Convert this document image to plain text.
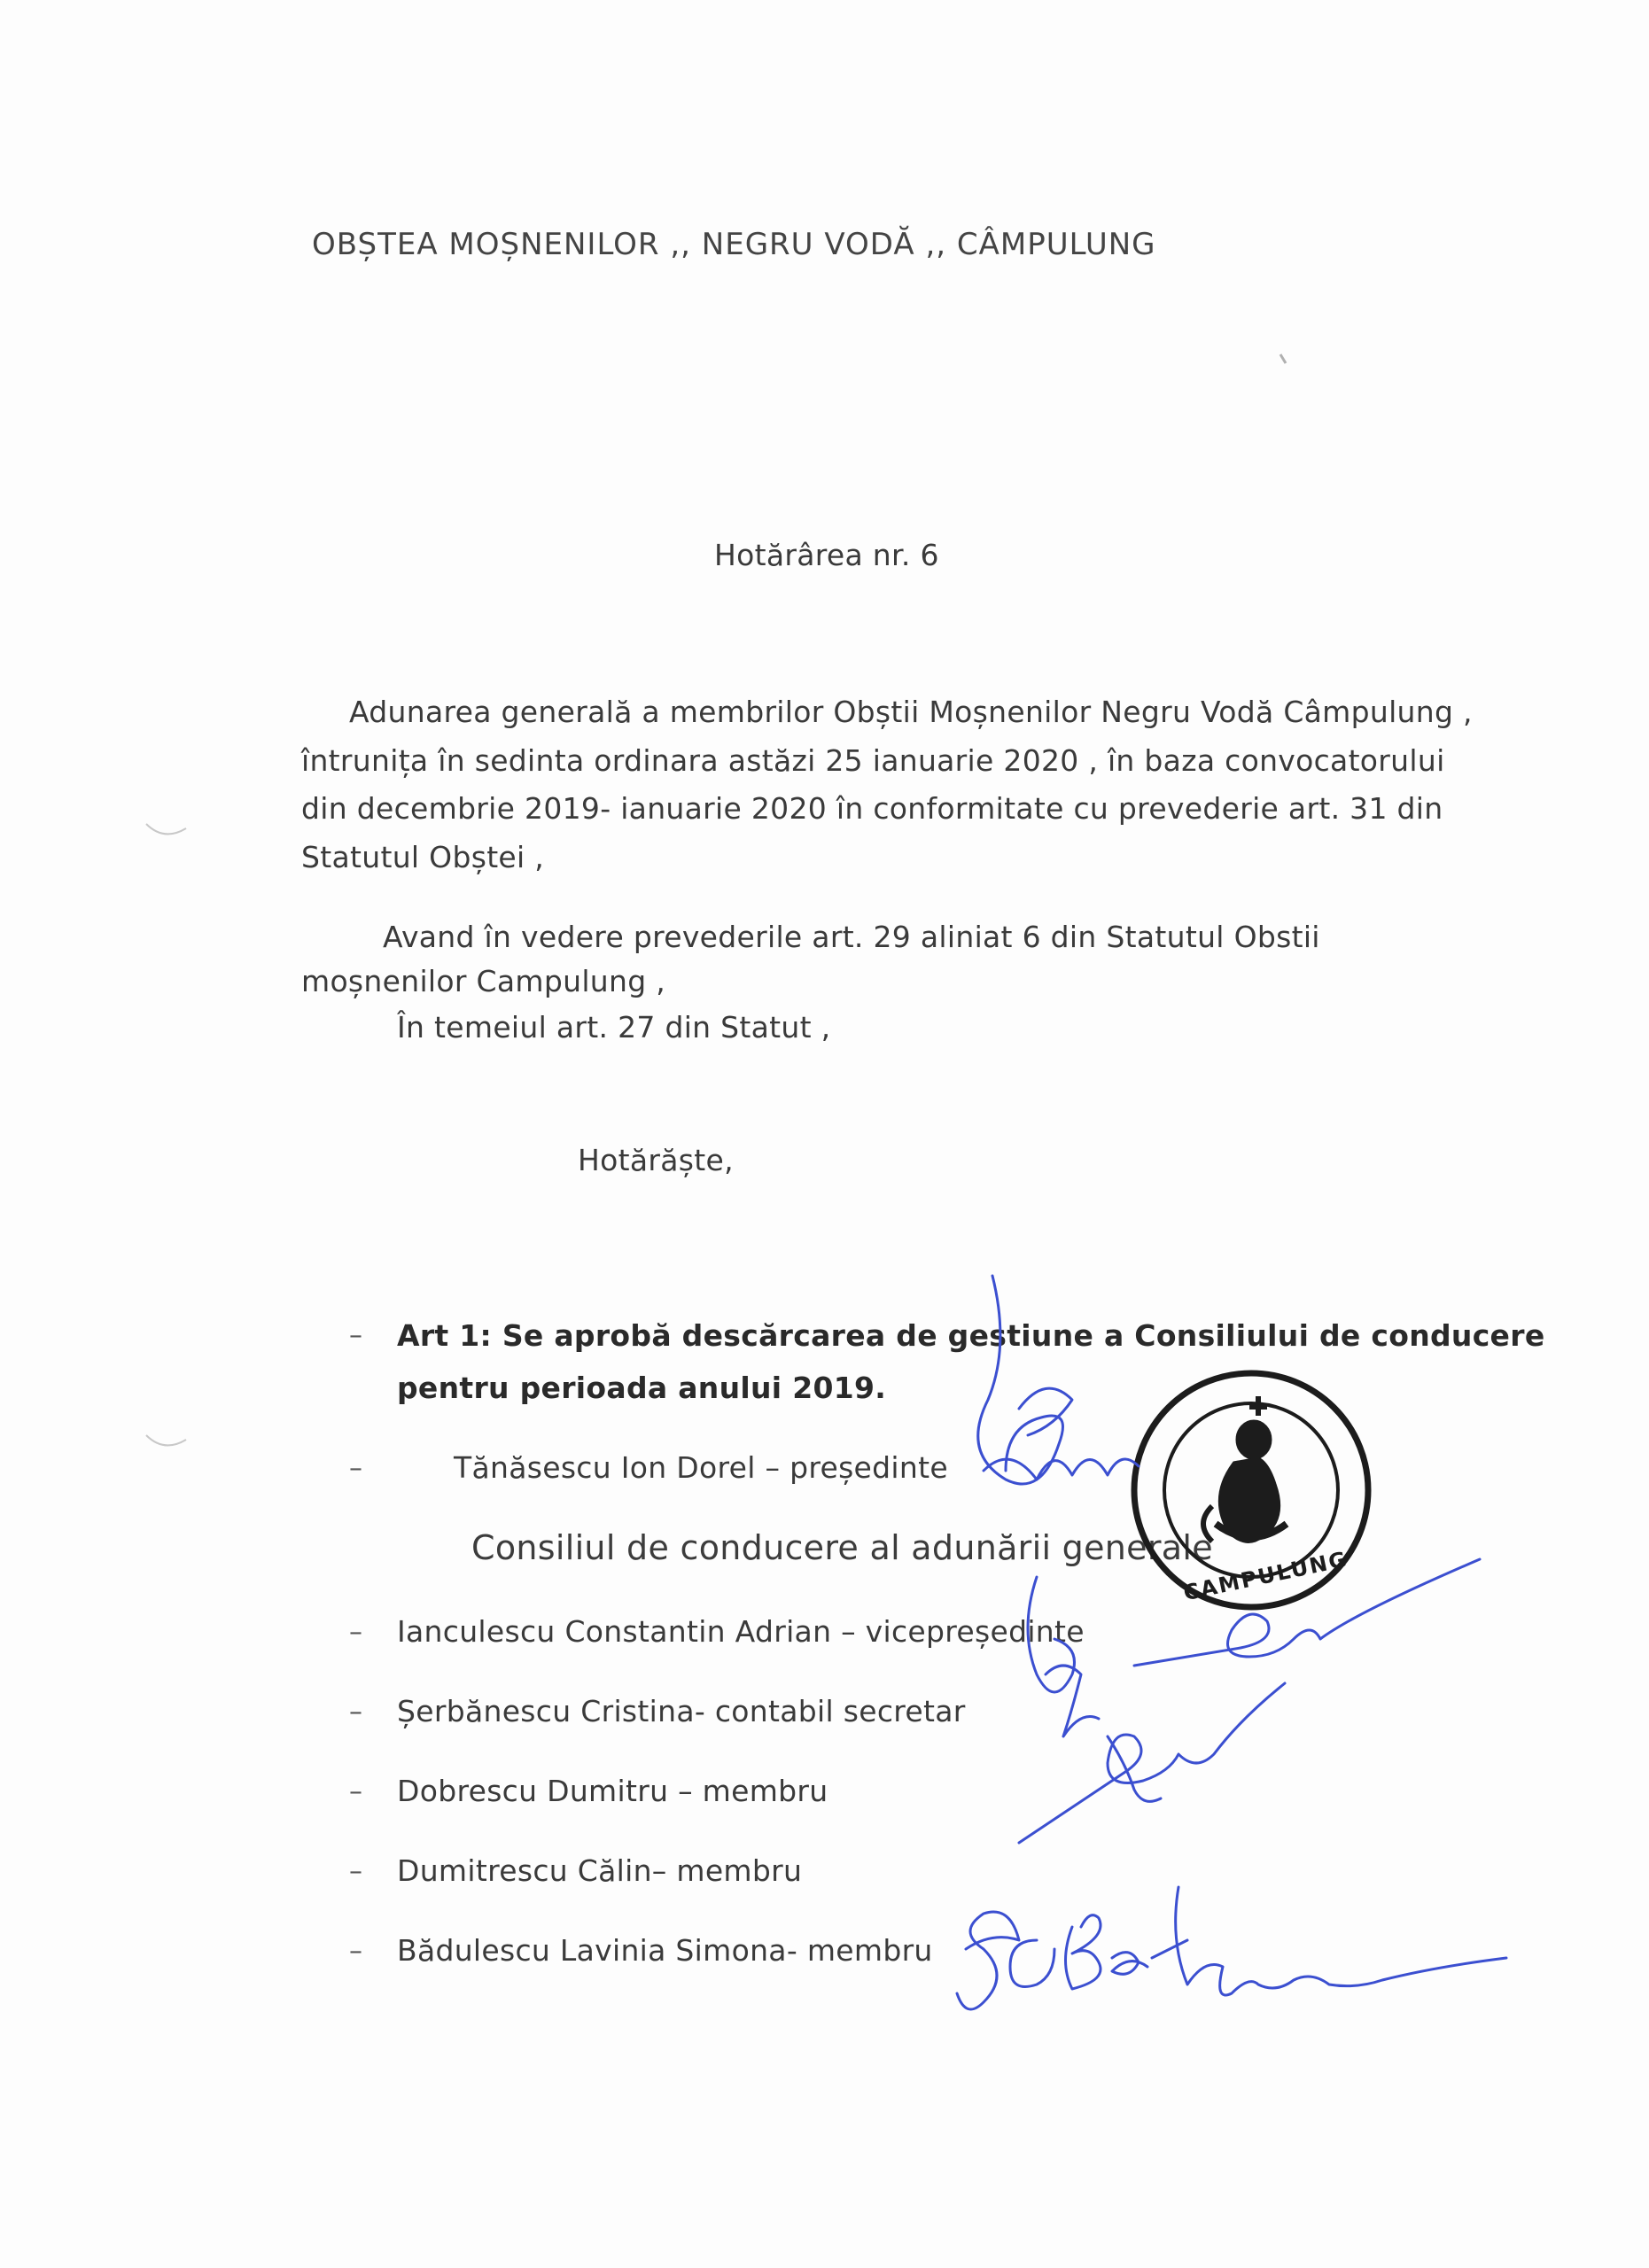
OBȘTEA MOȘNENILOR ,, NEGRU VODĂ ,, CÂMPULUNG
Hotărârea nr. 6
Adunarea generală a membrilor Obștii Moșnenilor Negru Vodă Câmpulung ,
întrunița în sedinta ordinara astăzi 25 ianuarie 2020 , în baza convocatorului
din decembrie 2019- ianuarie 2020 în conformitate cu prevederie art. 31 din
Statutul Obștei ,
Avand în vedere prevederile art. 29 aliniat 6 din Statutul Obstii
moșnenilor Campulung ,
În temeiul art. 27 din Statut ,
Hotărăște,
– Art 1: Se aprobă descărcarea de gestiune a Consiliului de conducere
pentru perioada anului 2019.
–	Tănăsescu Ion Dorel – președinte
Consiliul de conducere al adunării generale
– Ianculescu Constantin Adrian – vicepreședinte
– Șerbănescu Cristina- contabil secretar
– Dobrescu Dumitru – membru
– Dumitrescu Călin– membru
– Bădulescu Lavinia Simona- membru
CAMPULUNG
